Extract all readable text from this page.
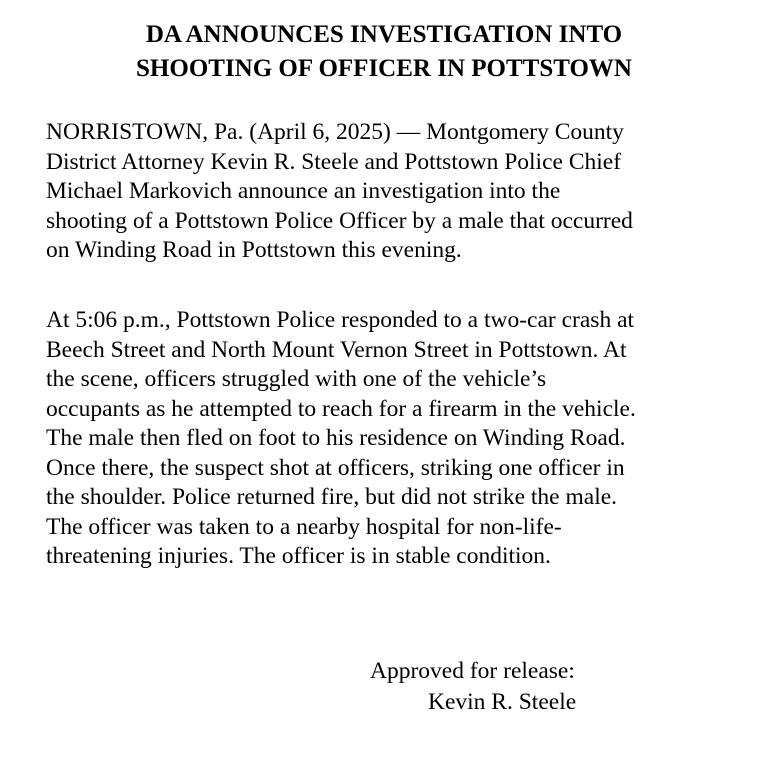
DA ANNOUNCES INVESTIGATION INTO
SHOOTING OF OFFICER IN POTTSTOWN
NORRISTOWN, Pa. (April 6, 2025) — Montgomery County
District Attorney Kevin R. Steele and Pottstown Police Chief
Michael Markovich announce an investigation into the
shooting of a Pottstown Police Officer by a male that occurred
on Winding Road in Pottstown this evening.
At 5:06 p.m., Pottstown Police responded to a two-car crash at
Beech Street and North Mount Vernon Street in Pottstown. At
the scene, officers struggled with one of the vehicle’s
occupants as he attempted to reach for a firearm in the vehicle.
The male then fled on foot to his residence on Winding Road.
Once there, the suspect shot at officers, striking one officer in
the shoulder. Police returned fire, but did not strike the male.
The officer was taken to a nearby hospital for non-life-
threatening injuries. The officer is in stable condition.
Approved for release:
Kevin R. Steele
